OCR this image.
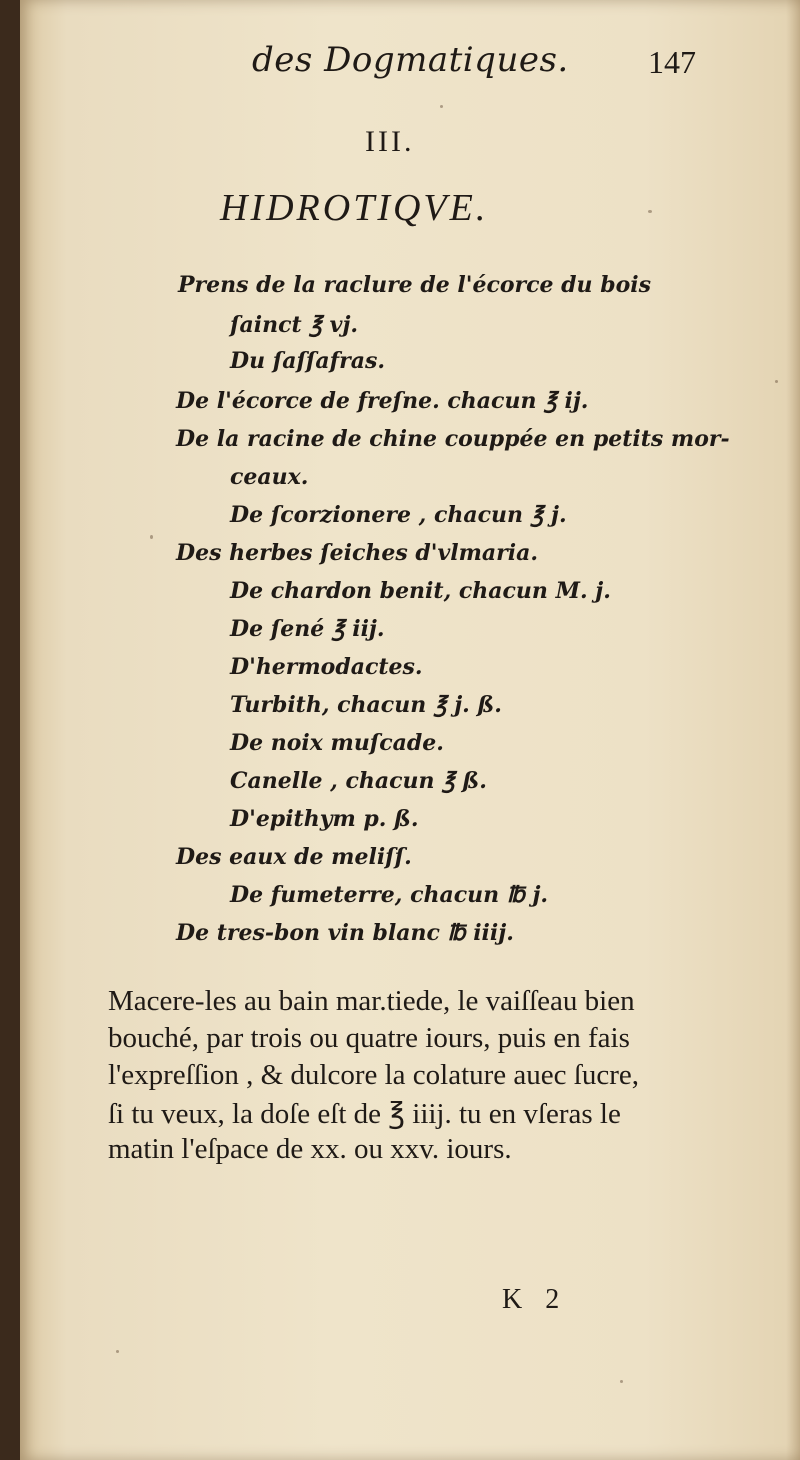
des Dogmatiques. 147
III.
HIDROTIQVE.
Prens de la raclure de l'écorce du bois
ſainct ℥ vj.
Du ſaſſafras.
De l'écorce de freſne. chacun ℥ ij.
De la racine de chine couppée en petits mor-
ceaux.
De ſcorzionere , chacun ℥ j.
Des herbes ſeiches d'vlmaria.
De chardon benit, chacun M. j.
De ſené ℥ iij.
D'hermodactes.
Turbith, chacun ℥ j. ß.
De noix muſcade.
Canelle , chacun ℥ ß.
D'epithym p. ß.
Des eaux de meliſſ.
De fumeterre, chacun ℔ j.
De tres-bon vin blanc ℔ iiij.
Macere-les au bain mar.tiede, le vaiſſeau bien
bouché, par trois ou quatre iours, puis en fais
l'expreſſion , & dulcore la colature auec ſucre,
ſi tu veux, la doſe eſt de ℥ iiij. tu en vſeras le
matin l'eſpace de xx. ou xxv. iours.
K 2
